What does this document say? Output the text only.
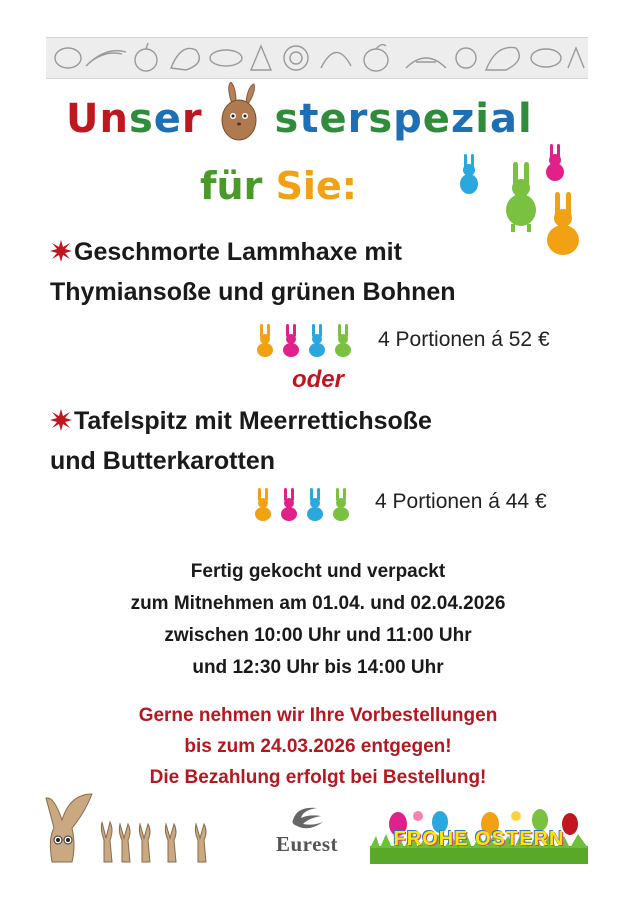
Unser sterspezial
für Sie:
Geschmorte Lammhaxe mit
Thymiansoße und grünen Bohnen
4 Portionen á 52 €
oder
Tafelspitz mit Meerrettichsoße
und Butterkarotten
4 Portionen á 44 €
Fertig gekocht und verpackt
zum Mitnehmen am 01.04. und 02.04.2026
zwischen 10:00 Uhr und 11:00 Uhr
und 12:30 Uhr bis 14:00 Uhr
Gerne nehmen wir Ihre Vorbestellungen
bis zum 24.03.2026 entgegen!
Die Bezahlung erfolgt bei Bestellung!
Eurest	FROHE OSTERN
